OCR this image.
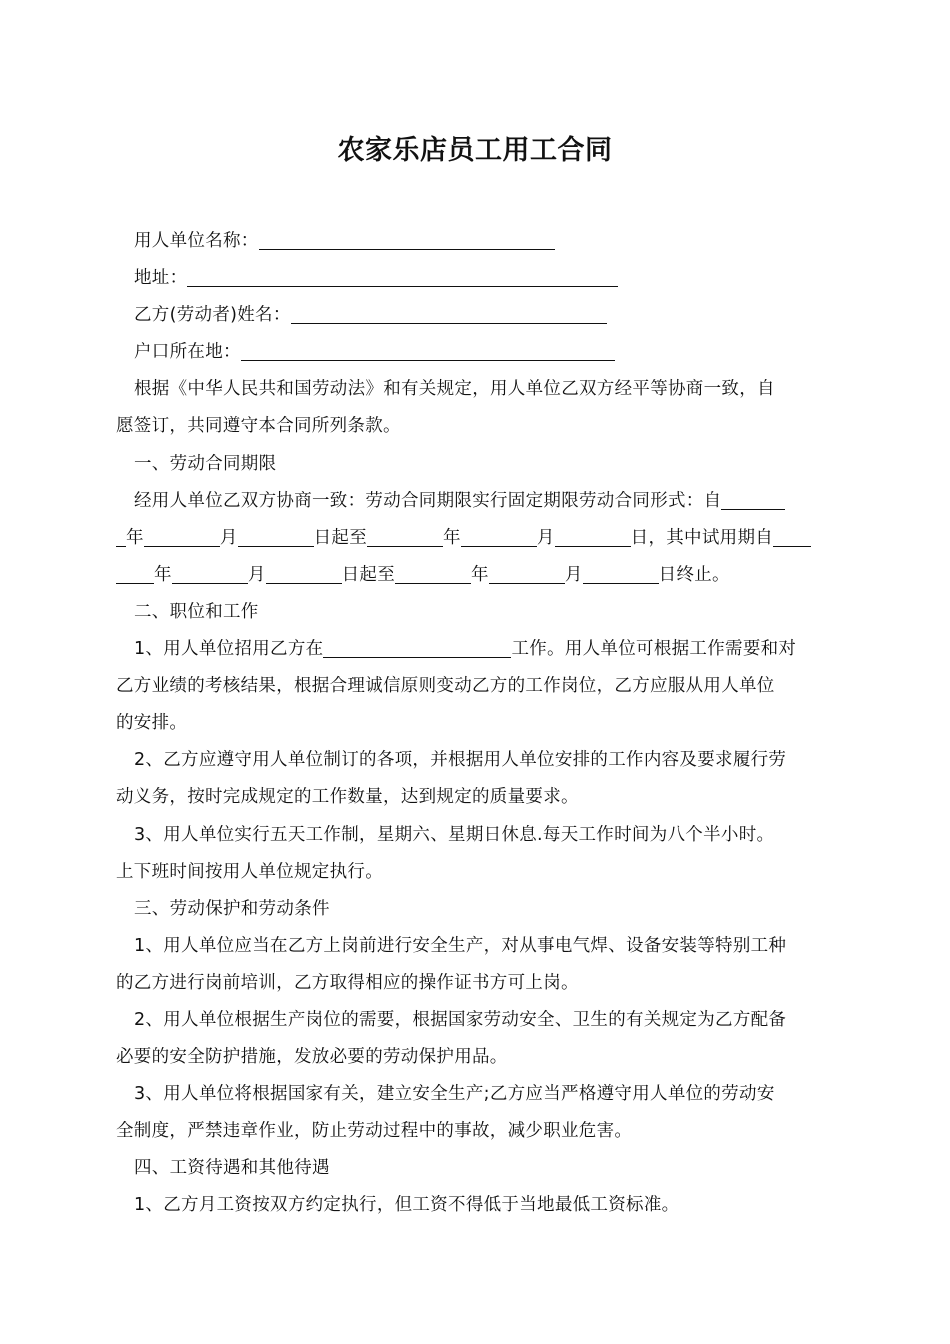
农家乐店员工用工合同
用人单位名称：
地址：
乙方(劳动者)姓名：
户口所在地：
根据《中华人民共和国劳动法》和有关规定，用人单位乙双方经平等协商一致，自
愿签订，共同遵守本合同所列条款。
一、劳动合同期限
经用人单位乙双方协商一致：劳动合同期限实行固定期限劳动合同形式：自
年	月	日起至	年	月	日，其中试用期自
年	月	日起至	年	月	日终止。
二、职位和工作
1、用人单位招用乙方在	工作。用人单位可根据工作需要和对
乙方业绩的考核结果，根据合理诚信原则变动乙方的工作岗位，乙方应服从用人单位
的安排。
2、乙方应遵守用人单位制订的各项，并根据用人单位安排的工作内容及要求履行劳
动义务，按时完成规定的工作数量，达到规定的质量要求。
3、用人单位实行五天工作制，星期六、星期日休息.每天工作时间为八个半小时。
上下班时间按用人单位规定执行。
三、劳动保护和劳动条件
1、用人单位应当在乙方上岗前进行安全生产，对从事电气焊、设备安装等特别工种
的乙方进行岗前培训，乙方取得相应的操作证书方可上岗。
2、用人单位根据生产岗位的需要，根据国家劳动安全、卫生的有关规定为乙方配备
必要的安全防护措施，发放必要的劳动保护用品。
3、用人单位将根据国家有关，建立安全生产;乙方应当严格遵守用人单位的劳动安
全制度，严禁违章作业，防止劳动过程中的事故，减少职业危害。
四、工资待遇和其他待遇
1、乙方月工资按双方约定执行，但工资不得低于当地最低工资标准。
